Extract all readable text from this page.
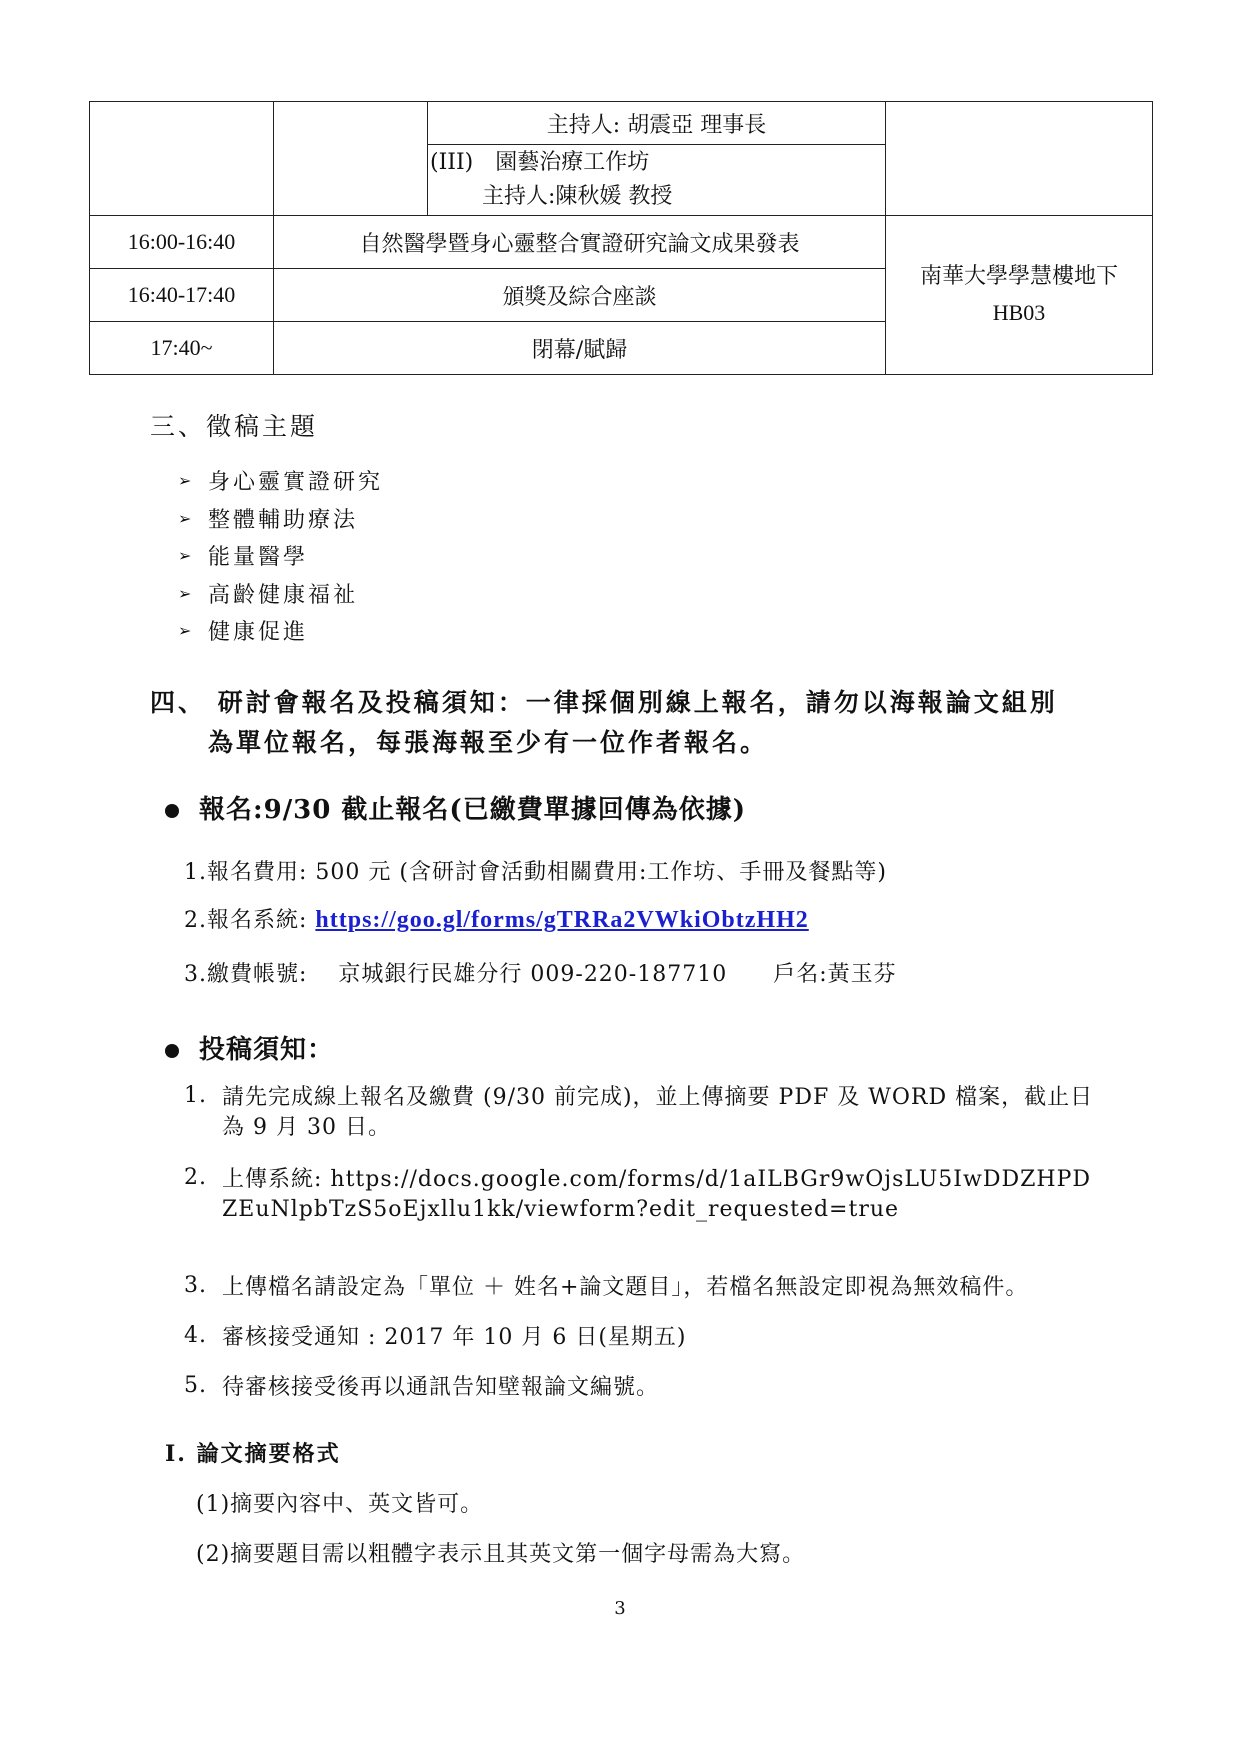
		主持人: 胡震亞 理事長	

		(III)　園藝治療工作坊
主持人:陳秋媛 教授	

16:00-16:40	自然醫學暨身心靈整合實證研究論文成果發表		南華大學學慧樓地下
HB03

16:40-17:40	頒獎及綜合座談		
17:40~	閉幕/賦歸		
三、徵稿主題
➢ 身心靈實證研究
➢ 整體輔助療法
➢ 能量醫學
➢ 高齡健康福祉
➢ 健康促進
四、 研討會報名及投稿須知：一律採個別線上報名，請勿以海報論文組別
為單位報名，每張海報至少有一位作者報名。
報名:9/30 截止報名(已繳費單據回傳為依據)
1.報名費用: 500 元 (含研討會活動相關費用:工作坊、手冊及餐點等)
2.報名系統: https://goo.gl/forms/gTRRa2VWkiObtzHH2
3.繳費帳號:　 京城銀行民雄分行 009-220-187710　　戶名:黃玉芬
投稿須知：
1. 請先完成線上報名及繳費 (9/30 前完成)，並上傳摘要 PDF 及 WORD 檔案，截止日為 9 月 30 日。
2. 上傳系統: https://docs.google.com/forms/d/1aILBGr9wOjsLU5IwDDZHPDZEuNlpbTzS5oEjxllu1kk/viewform?edit_requested=true
3. 上傳檔名請設定為「單位 ＋ 姓名+論文題目」，若檔名無設定即視為無效稿件。
4. 審核接受通知 : 2017 年 10 月 6 日(星期五)
5. 待審核接受後再以通訊告知壁報論文編號。
I. 論文摘要格式
(1)摘要內容中、英文皆可。
(2)摘要題目需以粗體字表示且其英文第一個字母需為大寫。
3
